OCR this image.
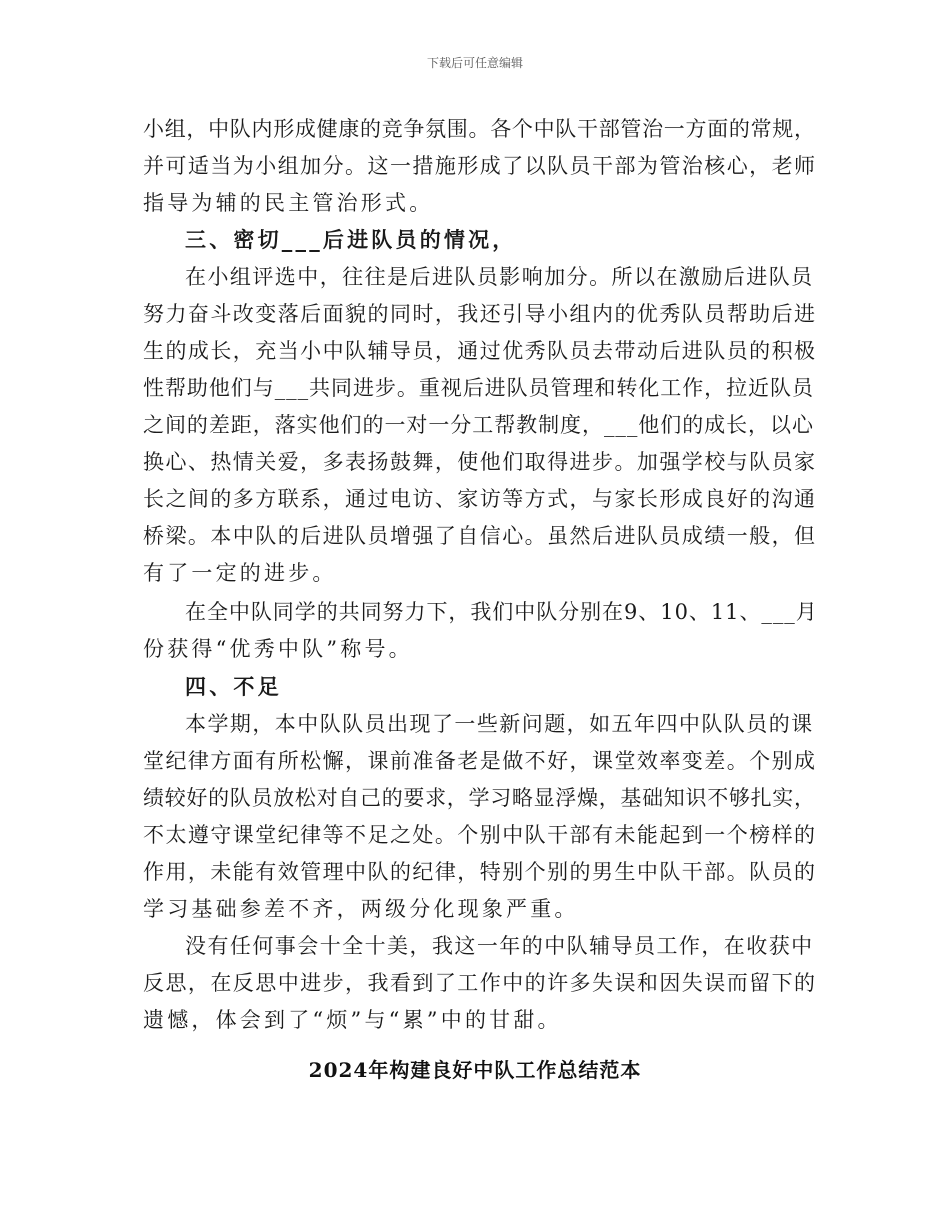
下载后可任意编辑
小组，中队内形成健康的竞争氛围。各个中队干部管治一方面的常规，
并可适当为小组加分。这一措施形成了以队员干部为管治核心，老师
指导为辅的民主管治形式。
三、密切___后进队员的情况，
在小组评选中，往往是后进队员影响加分。所以在激励后进队员
努力奋斗改变落后面貌的同时，我还引导小组内的优秀队员帮助后进
生的成长，充当小中队辅导员，通过优秀队员去带动后进队员的积极
性帮助他们与___共同进步。重视后进队员管理和转化工作，拉近队员
之间的差距，落实他们的一对一分工帮教制度，___他们的成长，以心
换心、热情关爱，多表扬鼓舞，使他们取得进步。加强学校与队员家
长之间的多方联系，通过电访、家访等方式，与家长形成良好的沟通
桥梁。本中队的后进队员增强了自信心。虽然后进队员成绩一般，但
有了一定的进步。
在全中队同学的共同努力下，我们中队分别在9、10、11、___月
份获得“优秀中队”称号。
四、不足
本学期，本中队队员出现了一些新问题，如五年四中队队员的课
堂纪律方面有所松懈，课前准备老是做不好，课堂效率变差。个别成
绩较好的队员放松对自己的要求，学习略显浮燥，基础知识不够扎实，
不太遵守课堂纪律等不足之处。个别中队干部有未能起到一个榜样的
作用，未能有效管理中队的纪律，特别个别的男生中队干部。队员的
学习基础参差不齐，两级分化现象严重。
没有任何事会十全十美，我这一年的中队辅导员工作，在收获中
反思，在反思中进步，我看到了工作中的许多失误和因失误而留下的
遗憾，体会到了“烦”与“累”中的甘甜。
2024年构建良好中队工作总结范本
